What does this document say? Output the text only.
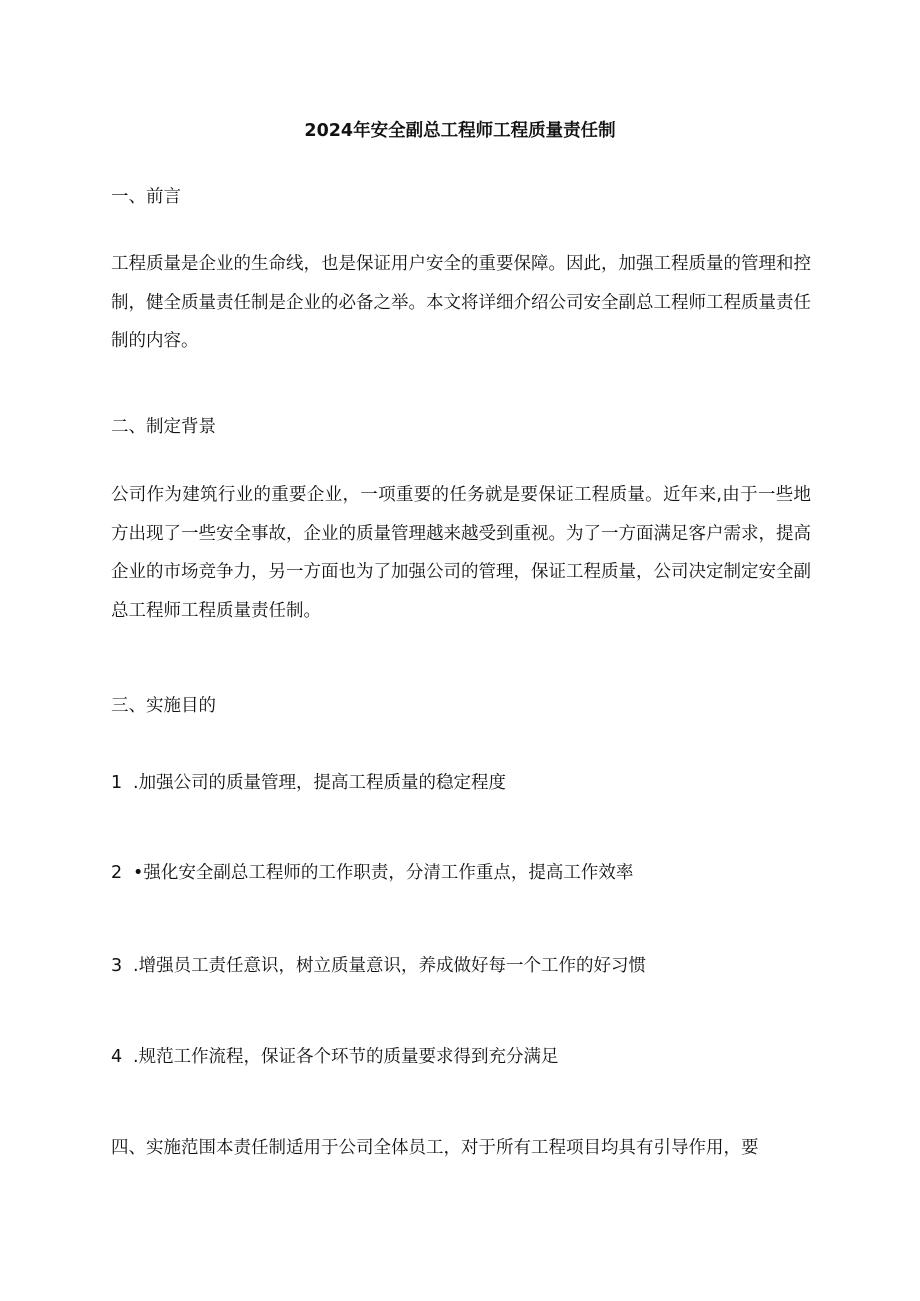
2024年安全副总工程师工程质量责任制
一、前言

工程质量是企业的生命线，也是保证用户安全的重要保障。因此，加强工程质量的管理和控制，健全质量责任制是企业的必备之举。本文将详细介绍公司安全副总工程师工程质量责任制的内容。

二、制定背景

公司作为建筑行业的重要企业，一项重要的任务就是要保证工程质量。近年来,由于一些地方出现了一些安全事故，企业的质量管理越来越受到重视。为了一方面满足客户需求，提高企业的市场竞争力，另一方面也为了加强公司的管理，保证工程质量，公司决定制定安全副总工程师工程质量责任制。

三、实施目的
1 .加强公司的质量管理，提高工程质量的稳定程度
2 •强化安全副总工程师的工作职责，分清工作重点，提高工作效率
3 .增强员工责任意识，树立质量意识，养成做好每一个工作的好习惯
4 .规范工作流程，保证各个环节的质量要求得到充分满足
四、实施范围本责任制适用于公司全体员工，对于所有工程项目均具有引导作用，要
